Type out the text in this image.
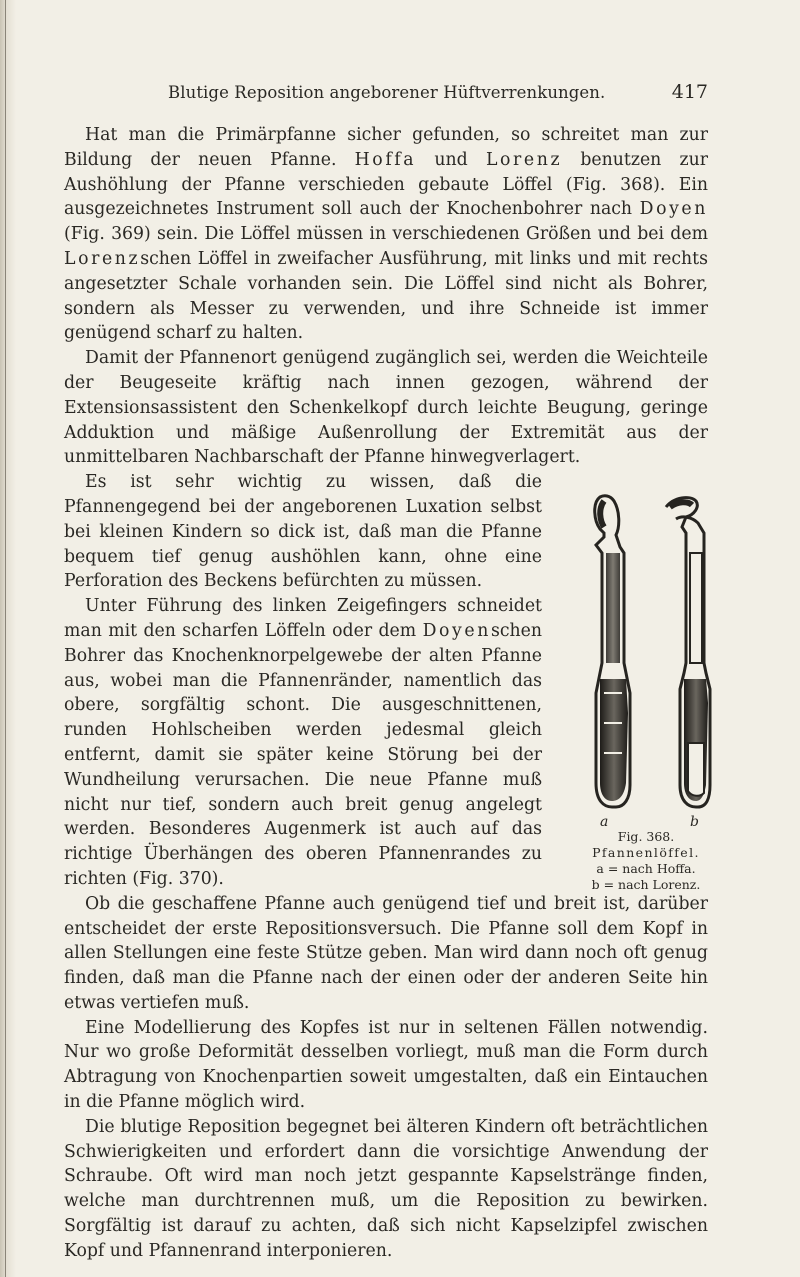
Blutige Reposition angeborener Hüftverrenkungen.	417

Hat man die Primärpfanne sicher gefunden, so schreitet man zur Bildung der neuen Pfanne. Hoffa und Lorenz benutzen zur Aushöhlung der Pfanne verschieden gebaute Löffel (Fig. 368). Ein ausgezeichnetes Instrument soll auch der Knochenbohrer nach Doyen (Fig. 369) sein. Die Löffel müssen in verschiedenen Größen und bei dem Lorenzschen Löffel in zweifacher Ausführung, mit links und mit rechts angesetzter Schale vorhanden sein. Die Löffel sind nicht als Bohrer, sondern als Messer zu verwenden, und ihre Schneide ist immer genügend scharf zu halten.

Damit der Pfannenort genügend zugänglich sei, werden die Weichteile der Beugeseite kräftig nach innen gezogen, während der Extensionsassistent den Schenkelkopf durch leichte Beugung, geringe Adduktion und mäßige Außenrollung der Extremität aus der unmittelbaren Nachbarschaft der Pfanne hinwegverlagert.

a	b
Fig. 368.
Pfannenlöffel.
a = nach Hoffa.
b = nach Lorenz.

Es ist sehr wichtig zu wissen, daß die Pfannengegend bei der angeborenen Luxation selbst bei kleinen Kindern so dick ist, daß man die Pfanne bequem tief genug aushöhlen kann, ohne eine Perforation des Beckens befürchten zu müssen.

Unter Führung des linken Zeigefingers schneidet man mit den scharfen Löffeln oder dem Doyenschen Bohrer das Knochenknorpelgewebe der alten Pfanne aus, wobei man die Pfannenränder, namentlich das obere, sorgfältig schont. Die ausgeschnittenen, runden Hohlscheiben werden jedesmal gleich entfernt, damit sie später keine Störung bei der Wundheilung verursachen. Die neue Pfanne muß nicht nur tief, sondern auch breit genug angelegt werden. Besonderes Augenmerk ist auch auf das richtige Überhängen des oberen Pfannenrandes zu richten (Fig. 370).

Ob die geschaffene Pfanne auch genügend tief und breit ist, darüber entscheidet der erste Repositionsversuch. Die Pfanne soll dem Kopf in allen Stellungen eine feste Stütze geben. Man wird dann noch oft genug finden, daß man die Pfanne nach der einen oder der anderen Seite hin etwas vertiefen muß.

Eine Modellierung des Kopfes ist nur in seltenen Fällen notwendig. Nur wo große Deformität desselben vorliegt, muß man die Form durch Abtragung von Knochenpartien soweit umgestalten, daß ein Eintauchen in die Pfanne möglich wird.

Die blutige Reposition begegnet bei älteren Kindern oft beträchtlichen Schwierigkeiten und erfordert dann die vorsichtige Anwendung der Schraube. Oft wird man noch jetzt gespannte Kapselstränge finden, welche man durchtrennen muß, um die Reposition zu bewirken. Sorgfältig ist darauf zu achten, daß sich nicht Kapselzipfel zwischen Kopf und Pfannenrand interponieren.
